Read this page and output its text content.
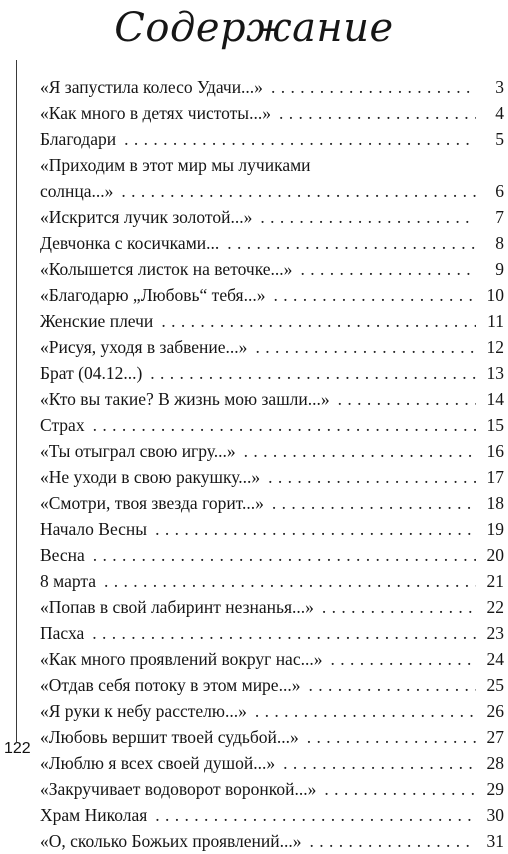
Содержание
122
«Я запустила колесо Удачи...» . . .	3
«Как много в детях чистоты...» . . .	4
Благодари . . .	5
«Приходим в этот мир мы лучиками
солнца...» . . .	6
«Искрится лучик золотой...» . . .	7
Девчонка с косичками... . . .	8
«Колышется листок на веточке...» . . .	9
«Благодарю „Любовь“ тебя...» . . .	10
Женские плечи . . .	11
«Рисуя, уходя в забвение...» . . .	12
Брат (04.12...) . . .	13
«Кто вы такие? В жизнь мою зашли...» . . .	14
Страх . . .	15
«Ты отыграл свою игру...» . . .	16
«Не уходи в свою ракушку...» . . .	17
«Смотри, твоя звезда горит...» . . .	18
Начало Весны . . .	19
Весна . . .	20
8 марта . . .	21
«Попав в свой лабиринт незнанья...» . . .	22
Пасха . . .	23
«Как много проявлений вокруг нас...» . . .	24
«Отдав себя потоку в этом мире...» . . .	25
«Я руки к небу расстелю...» . . .	26
«Любовь вершит твоей судьбой...» . . .	27
«Люблю я всех своей душой...» . . .	28
«Закручивает водоворот воронкой...» . . .	29
Храм Николая . . .	30
«О, сколько Божьих проявлений...» . . .	31
